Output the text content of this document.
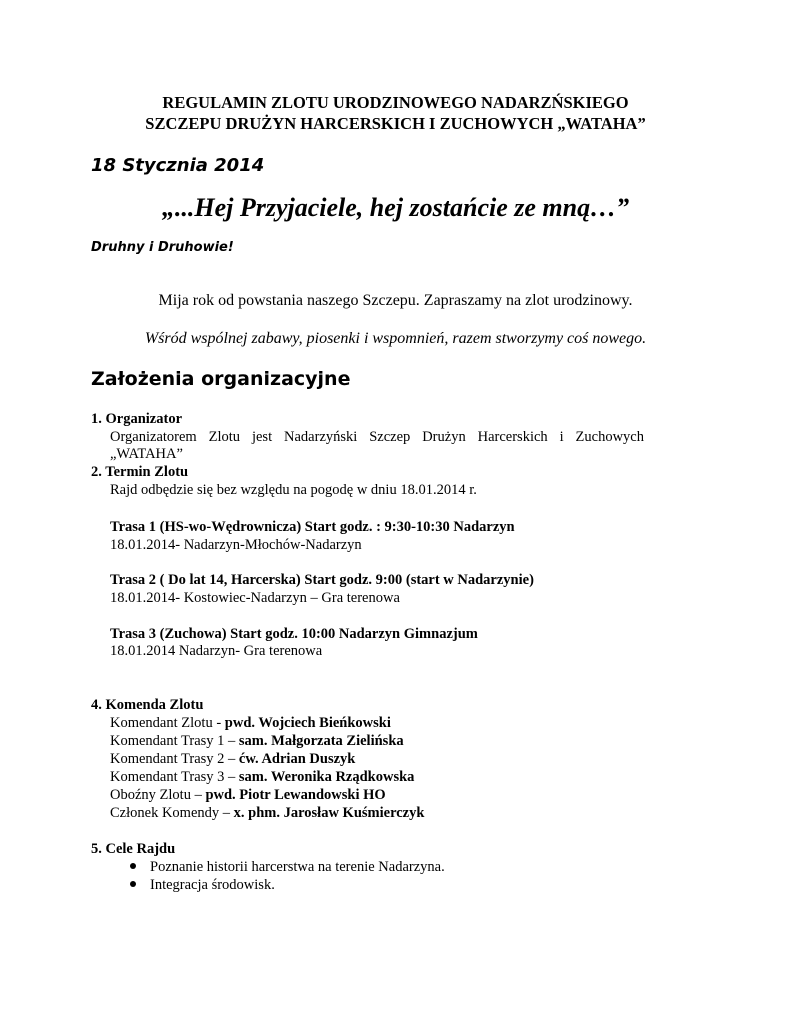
REGULAMIN ZLOTU URODZINOWEGO NADARZŃSKIEGO
SZCZEPU DRUŻYN HARCERSKICH I ZUCHOWYCH „WATAHA”
18 Stycznia 2014
„...Hej Przyjaciele, hej zostańcie ze mną…”
Druhny i Druhowie!
Mija rok od powstania naszego Szczepu. Zapraszamy na zlot urodzinowy.
Wśród wspólnej zabawy, piosenki i wspomnień, razem stworzymy coś nowego.
Założenia organizacyjne
1. Organizator
Organizatorem Zlotu jest Nadarzyński Szczep Drużyn Harcerskich i Zuchowych
„WATAHA”
2. Termin Zlotu
Rajd odbędzie się bez względu na pogodę w dniu 18.01.2014 r.
Trasa 1 (HS-wo-Wędrownicza) Start godz. : 9:30-10:30 Nadarzyn
18.01.2014- Nadarzyn-Młochów-Nadarzyn
Trasa 2 ( Do lat 14, Harcerska) Start godz. 9:00 (start w Nadarzynie)
18.01.2014- Kostowiec-Nadarzyn – Gra terenowa
Trasa 3 (Zuchowa) Start godz. 10:00 Nadarzyn Gimnazjum
18.01.2014 Nadarzyn- Gra terenowa
4. Komenda Zlotu
Komendant Zlotu - pwd. Wojciech Bieńkowski
Komendant Trasy 1 – sam. Małgorzata Zielińska
Komendant Trasy 2 – ćw. Adrian Duszyk
Komendant Trasy 3 – sam. Weronika Rządkowska
Oboźny Zlotu – pwd. Piotr Lewandowski HO
Członek Komendy – x. phm. Jarosław Kuśmierczyk
5. Cele Rajdu
Poznanie historii harcerstwa na terenie Nadarzyna.
Integracja środowisk.
